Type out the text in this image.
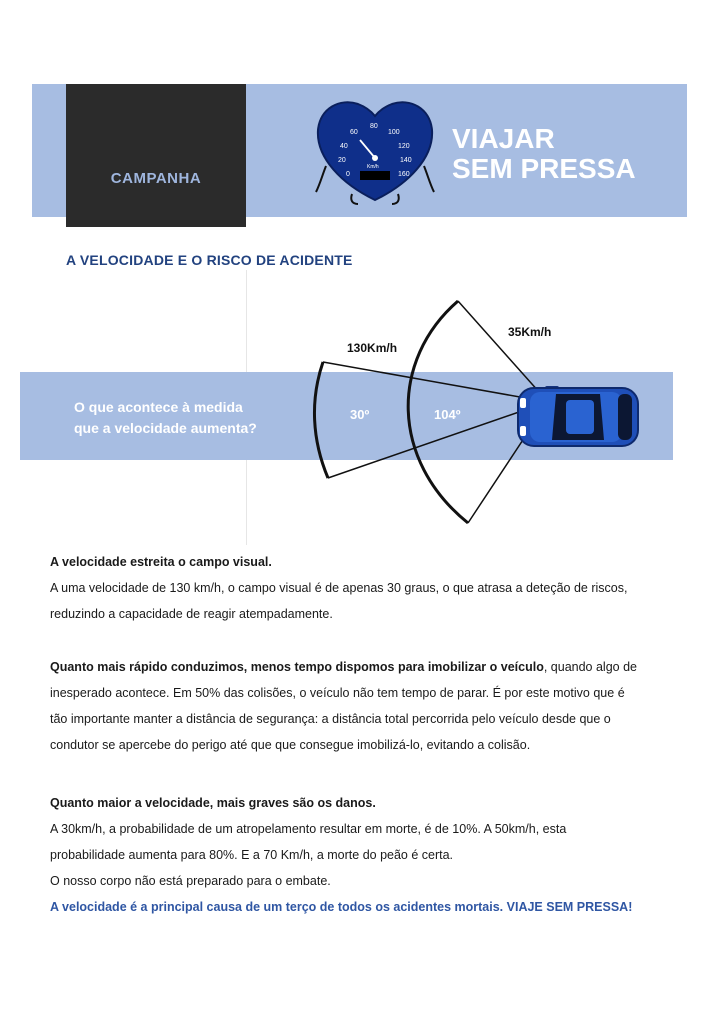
CAMPANHA	0
20
40
60
80
100
120
140
160
Km/h
VIAJAR
SEM PRESSA
A VELOCIDADE E O RISCO DE ACIDENTE
O que acontece à medida
que a velocidade aumenta?
130Km/h
35Km/h
30º	104º

A velocidade estreita o campo visual.

A uma velocidade de 130 km/h, o campo visual é de apenas 30 graus, o que atrasa a deteção de riscos,

reduzindo a capacidade de reagir atempadamente.

Quanto mais rápido conduzimos, menos tempo dispomos para imobilizar o veículo, quando algo de

inesperado acontece. Em 50% das colisões, o veículo não tem tempo de parar. É por este motivo que é

tão importante manter a distância de segurança: a distância total percorrida pelo veículo desde que o

condutor se apercebe do perigo até que que consegue imobilizá-lo, evitando a colisão.

Quanto maior a velocidade, mais graves são os danos.

A 30km/h, a probabilidade de um atropelamento resultar em morte, é de 10%. A 50km/h, esta

probabilidade aumenta para 80%. E a 70 Km/h, a morte do peão é certa.

O nosso corpo não está preparado para o embate.

A velocidade é a principal causa de um terço de todos os acidentes mortais. VIAJE SEM PRESSA!
